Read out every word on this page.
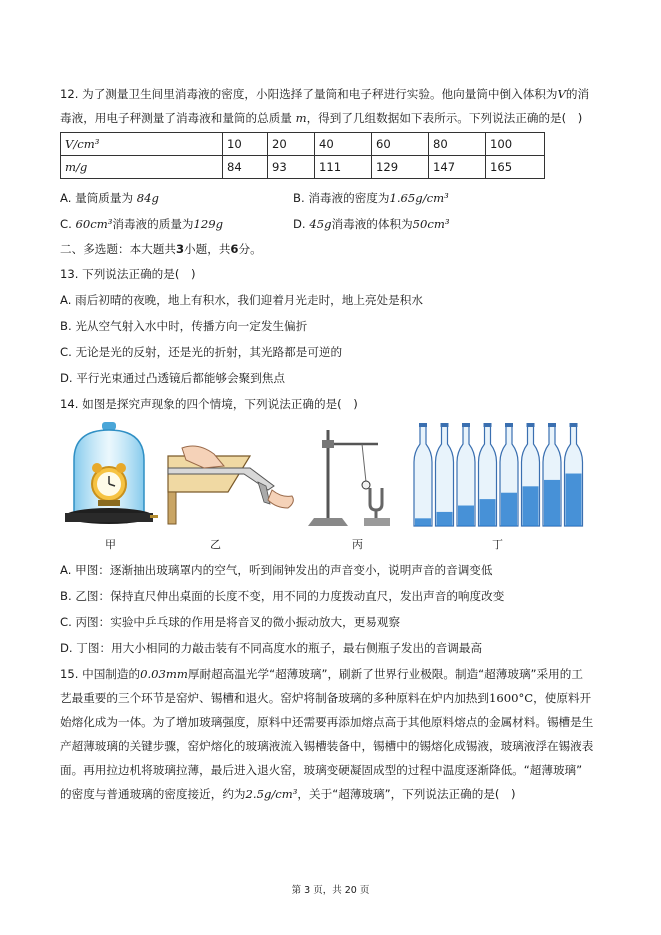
12. 为了测量卫生间里消毒液的密度，小阳选择了量筒和电子秤进行实验。他向量筒中倒入体积为V的消
毒液，用电子秤测量了消毒液和量筒的总质量 m，得到了几组数据如下表所示。下列说法正确的是(　)
V/cm³	10	20	40	60	80	100
m/g	84	93	111	129	147	165
A. 量筒质量为 84g	B. 消毒液的密度为1.65g/cm³
C. 60cm³消毒液的质量为129g	D. 45g消毒液的体积为50cm³
二、多选题：本大题共3小题，共6分。
13. 下列说法正确的是(　)
A. 雨后初晴的夜晚，地上有积水，我们迎着月光走时，地上亮处是积水
B. 光从空气射入水中时，传播方向一定发生偏折
C. 无论是光的反射，还是光的折射，其光路都是可逆的
D. 平行光束通过凸透镜后都能够会聚到焦点
14. 如图是探究声现象的四个情境，下列说法正确的是(　)
甲	乙	丙	丁
A. 甲图：逐渐抽出玻璃罩内的空气，听到闹钟发出的声音变小，说明声音的音调变低
B. 乙图：保持直尺伸出桌面的长度不变，用不同的力度拨动直尺，发出声音的响度改变
C. 丙图：实验中乒乓球的作用是将音叉的微小振动放大，更易观察
D. 丁图：用大小相同的力敲击装有不同高度水的瓶子，最右侧瓶子发出的音调最高
15. 中国制造的0.03mm厚耐超高温光学“超薄玻璃”，刷新了世界行业极限。制造“超薄玻璃”采用的工
艺最重要的三个环节是窑炉、锡槽和退火。窑炉将制备玻璃的多种原料在炉内加热到1600°C，使原料开
始熔化成为一体。为了增加玻璃强度，原料中还需要再添加熔点高于其他原料熔点的金属材料。锡槽是生
产超薄玻璃的关键步骤，窑炉熔化的玻璃液流入锡槽装备中，锡槽中的锡熔化成锡液，玻璃液浮在锡液表
面。再用拉边机将玻璃拉薄，最后进入退火窑，玻璃变硬凝固成型的过程中温度逐渐降低。“超薄玻璃”
的密度与普通玻璃的密度接近，约为2.5g/cm³，关于“超薄玻璃”，下列说法正确的是(　)
第 3 页，共 20 页
